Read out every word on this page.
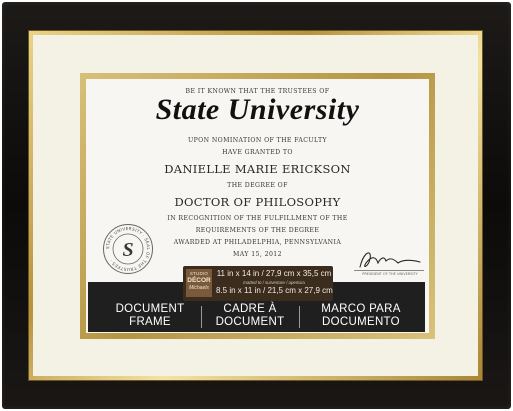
BE IT KNOWN THAT THE TRUSTEES OF
State University
UPON NOMINATION OF THE FACULTY
HAVE GRANTED TO
DANIELLE MARIE ERICKSON
THE DEGREE OF
DOCTOR OF PHILOSOPHY
IN RECOGNITION OF THE FULFILLMENT OF THE
REQUIREMENTS OF THE DEGREE
AWARDED AT PHILADELPHIA, PENNSYLVANIA
MAY 15, 2012
STATE UNIVERSITY · SEAL OF THE TRUSTEES · S
PRESIDENT OF THE UNIVERSITY
STUDIO
DÉCOR
Michaels
11 in x 14 in / 27,9 cm x 35,5 cm
matted to / surverture / apertura
8.5 in x 11 in / 21,5 cm x 27,9 cm
DOCUMENT
FRAME
CADRE À
DOCUMENT
MARCO PARA
DOCUMENTO
